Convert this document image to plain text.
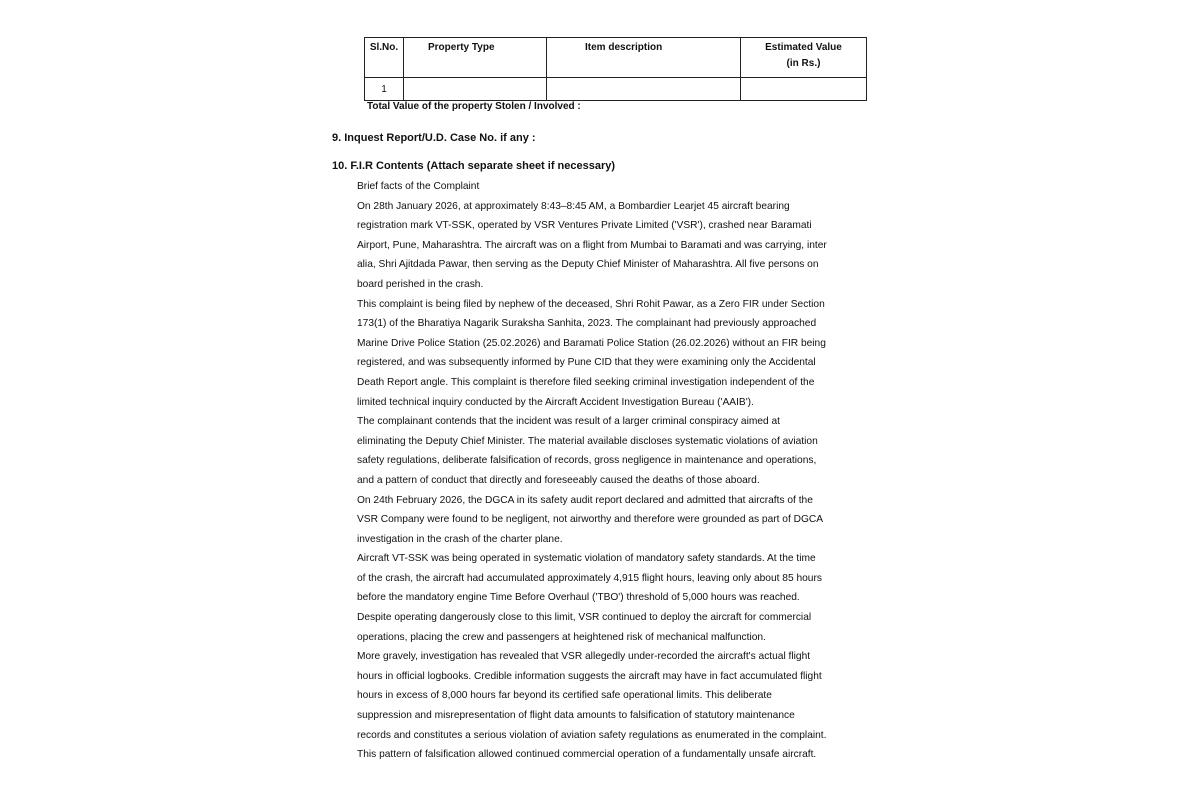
Sl.No.	Property Type	Item description	Estimated Value
(in Rs.)
1			
Total Value of the property Stolen / Involved :
9. Inquest Report/U.D. Case No. if any :
10. F.I.R Contents (Attach separate sheet if necessary)
Brief facts of the Complaint
On 28th January 2026, at approximately 8:43–8:45 AM, a Bombardier Learjet 45 aircraft bearing
registration mark VT-SSK, operated by VSR Ventures Private Limited ('VSR'), crashed near Baramati
Airport, Pune, Maharashtra. The aircraft was on a flight from Mumbai to Baramati and was carrying, inter
alia, Shri Ajitdada Pawar, then serving as the Deputy Chief Minister of Maharashtra. All five persons on
board perished in the crash.
This complaint is being filed by nephew of the deceased, Shri Rohit Pawar, as a Zero FIR under Section
173(1) of the Bharatiya Nagarik Suraksha Sanhita, 2023. The complainant had previously approached
Marine Drive Police Station (25.02.2026) and Baramati Police Station (26.02.2026) without an FIR being
registered, and was subsequently informed by Pune CID that they were examining only the Accidental
Death Report angle. This complaint is therefore filed seeking criminal investigation independent of the
limited technical inquiry conducted by the Aircraft Accident Investigation Bureau ('AAIB').
The complainant contends that the incident was result of a larger criminal conspiracy aimed at
eliminating the Deputy Chief Minister. The material available discloses systematic violations of aviation
safety regulations, deliberate falsification of records, gross negligence in maintenance and operations,
and a pattern of conduct that directly and foreseeably caused the deaths of those aboard.
On 24th February 2026, the DGCA in its safety audit report declared and admitted that aircrafts of the
VSR Company were found to be negligent, not airworthy and therefore were grounded as part of DGCA
investigation in the crash of the charter plane.
Aircraft VT-SSK was being operated in systematic violation of mandatory safety standards. At the time
of the crash, the aircraft had accumulated approximately 4,915 flight hours, leaving only about 85 hours
before the mandatory engine Time Before Overhaul ('TBO') threshold of 5,000 hours was reached.
Despite operating dangerously close to this limit, VSR continued to deploy the aircraft for commercial
operations, placing the crew and passengers at heightened risk of mechanical malfunction.
More gravely, investigation has revealed that VSR allegedly under-recorded the aircraft's actual flight
hours in official logbooks. Credible information suggests the aircraft may have in fact accumulated flight
hours in excess of 8,000 hours far beyond its certified safe operational limits. This deliberate
suppression and misrepresentation of flight data amounts to falsification of statutory maintenance
records and constitutes a serious violation of aviation safety regulations as enumerated in the complaint.
This pattern of falsification allowed continued commercial operation of a fundamentally unsafe aircraft.
